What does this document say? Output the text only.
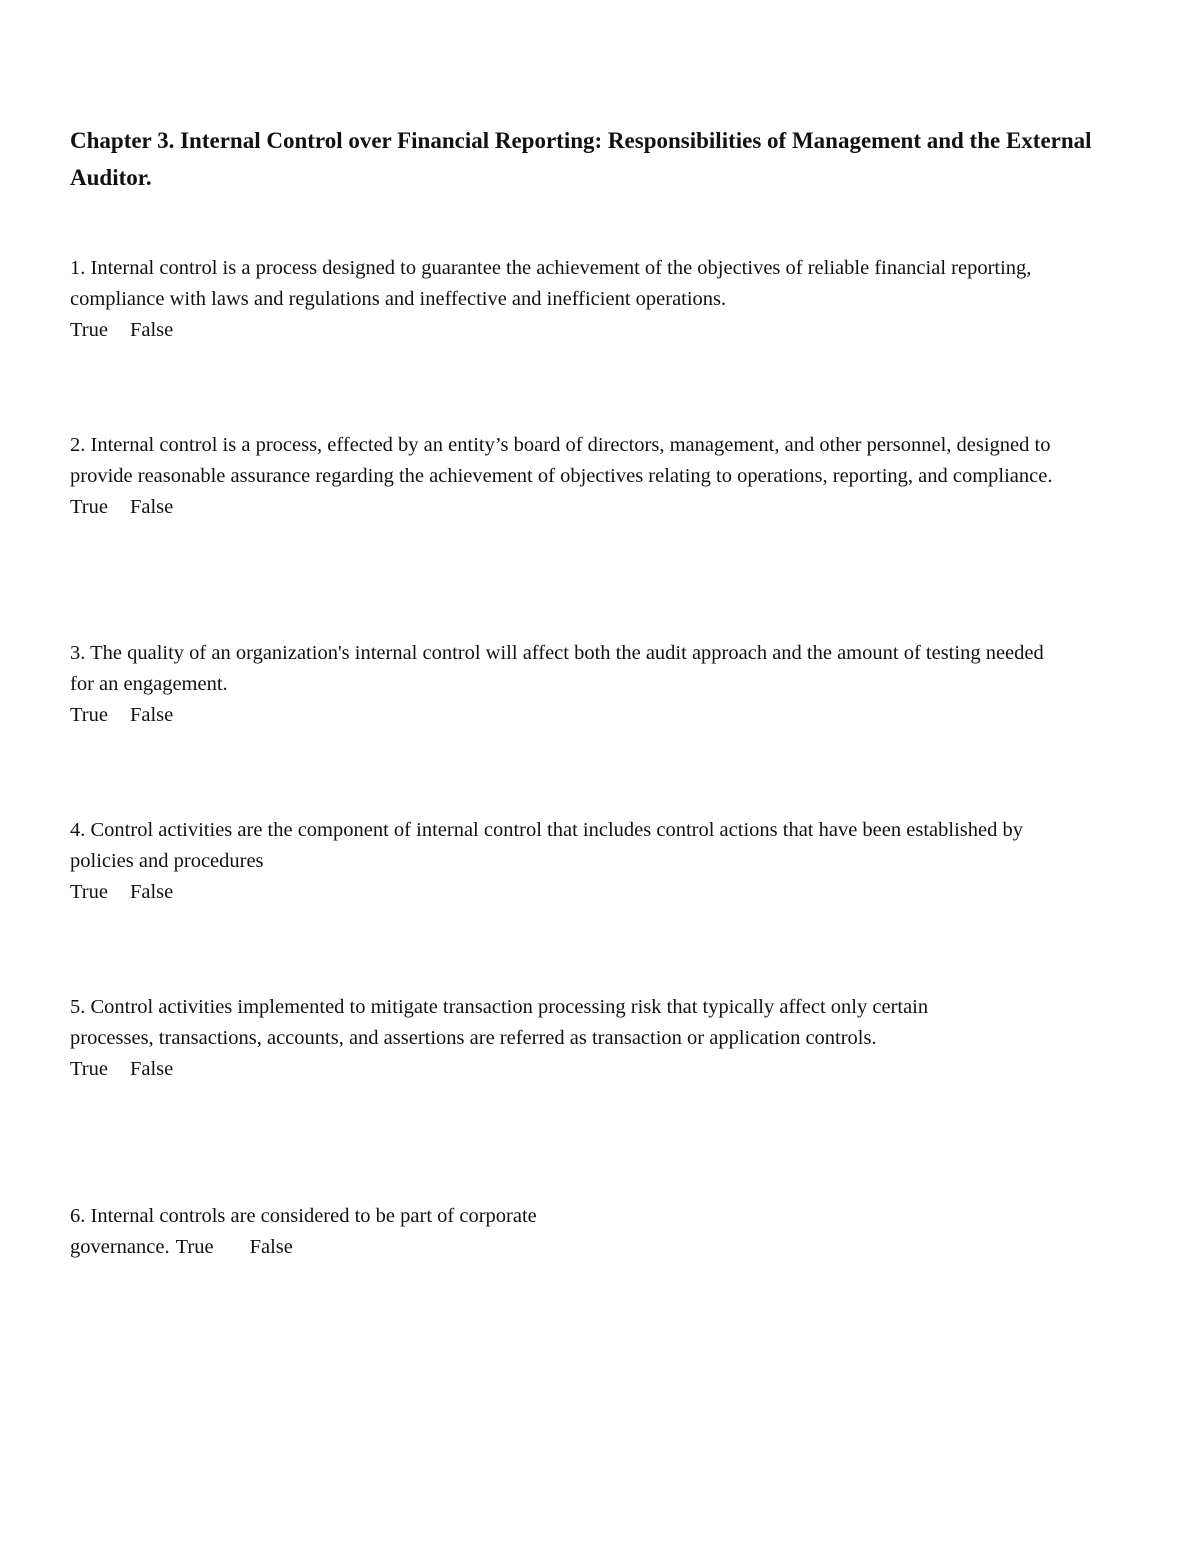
Chapter 3. Internal Control over Financial Reporting: Responsibilities of Management and the External Auditor.
1. Internal control is a process designed to guarantee the achievement of the objectives of reliable financial reporting, compliance with laws and regulations and ineffective and inefficient operations.
True False
2. Internal control is a process, effected by an entity’s board of directors, management, and other personnel, designed to provide reasonable assurance regarding the achievement of objectives relating to operations, reporting, and compliance.
True False
3. The quality of an organization's internal control will affect both the audit approach and the amount of testing needed for an engagement.
True False
4. Control activities are the component of internal control that includes control actions that have been established by policies and procedures
True False
5. Control activities implemented to mitigate transaction processing risk that typically affect only certain processes, transactions, accounts, and assertions are referred as transaction or application controls.
True False
6. Internal controls are considered to be part of corporate
governance. True False
